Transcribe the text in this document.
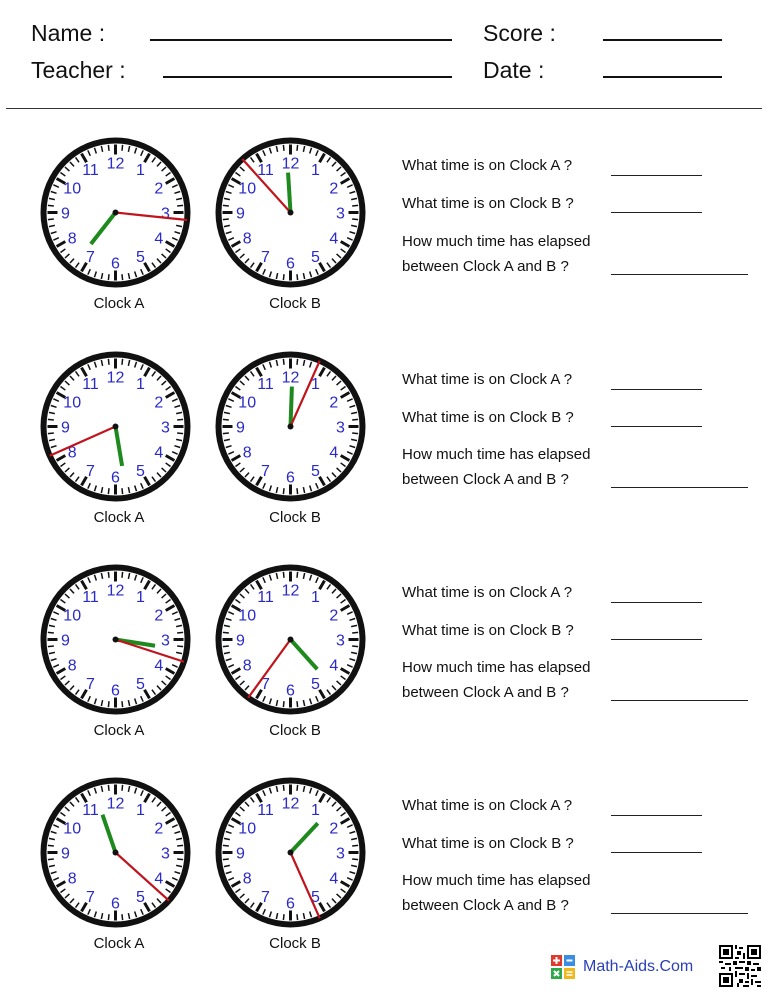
Name :	Score :
Teacher :	Date :
12 1
2
3
4
5
6
7
8
9
10
11
Clock A
12 1
2
3
4
5
6
7
8
9
10
11
Clock B
What time is on Clock A ?
What time is on Clock B ?
How much time has elapsed
between Clock A and B ?
12 1
2
3
4
5
6
7
8
9
10
11
Clock A
12 1
2
3
4
5
6
7
8
9
10
11
Clock B
What time is on Clock A ?
What time is on Clock B ?
How much time has elapsed
between Clock A and B ?
12 1
2
3
4
5
6
7
8
9
10
11
Clock A
12 1
2
3
4
5
6
7
8
9
10
11
Clock B
What time is on Clock A ?
What time is on Clock B ?
How much time has elapsed
between Clock A and B ?
12 1
2
3
4
5
6
7
8
9
10
11
Clock A
12 1
2
3
4
5
6
7
8
9
10
11
Clock B
What time is on Clock A ?
What time is on Clock B ?
How much time has elapsed
between Clock A and B ?
Math-Aids.Com
